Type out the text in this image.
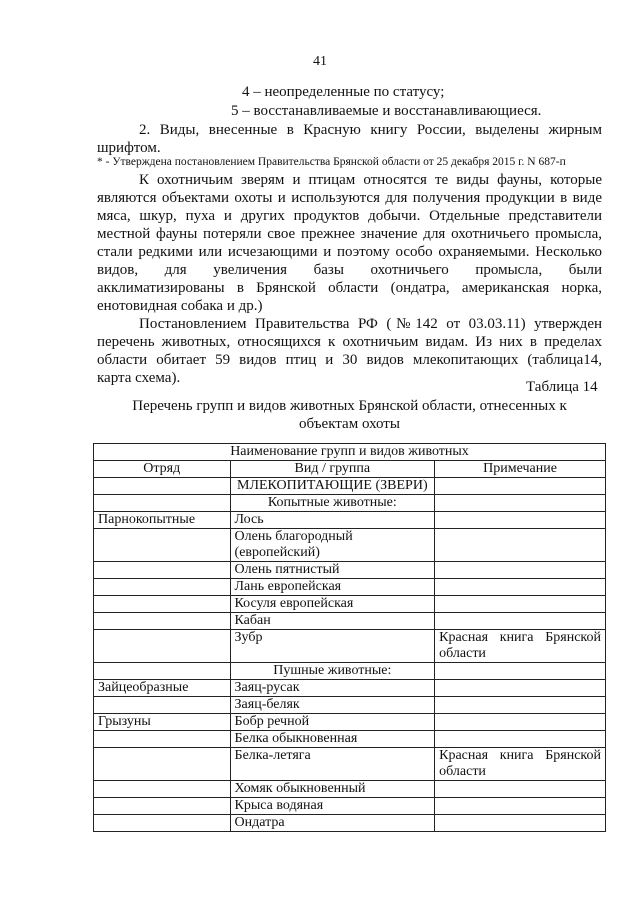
41
4 – неопределенные по статусу;
5 – восстанавливаемые и восстанавливающиеся.
2. Виды, внесенные в Красную книгу России, выделены жирным
шрифтом.
* - Утверждена постановлением Правительства Брянской области от 25 декабря 2015 г. N 687-п
К охотничьим зверям и птицам относятся те виды фауны, которые
являются объектами охоты и используются для получения продукции в виде
мяса, шкур, пуха и других продуктов добычи. Отдельные представители
местной фауны потеряли свое прежнее значение для охотничьего промысла,
стали редкими или исчезающими и поэтому особо охраняемыми. Несколько
видов, для увеличения базы охотничьего промысла, были
акклиматизированы в Брянской области (ондатра, американская норка,
енотовидная собака и др.)
Постановлением Правительства РФ (№142 от 03.03.11) утвержден
перечень животных, относящихся к охотничьим видам. Из них в пределах
области обитает 59 видов птиц и 30 видов млекопитающих (таблица14,
карта схема).
Таблица 14
Перечень групп и видов животных Брянской области, отнесенных к
объектам охоты
Наименование групп и видов животных		
Отряд	Вид / группа	Примечание
	МЛЕКОПИТАЮЩИЕ (ЗВЕРИ)	
	Копытные животные:	
Парнокопытные	Лось	

	Олень благородный
(европейский)	

	Олень пятнистый	
	Лань европейская	
	Косуля европейская	
	Кабан	
	Зубр	Красная книга Брянской
области

	Пушные животные:	
Зайцеобразные	Заяц-русак	
	Заяц-беляк	
Грызуны	Бобр речной	
	Белка обыкновенная	
	Белка-летяга	Красная книга Брянской
области

	Хомяк обыкновенный	
	Крыса водяная	
	Ондатра	
